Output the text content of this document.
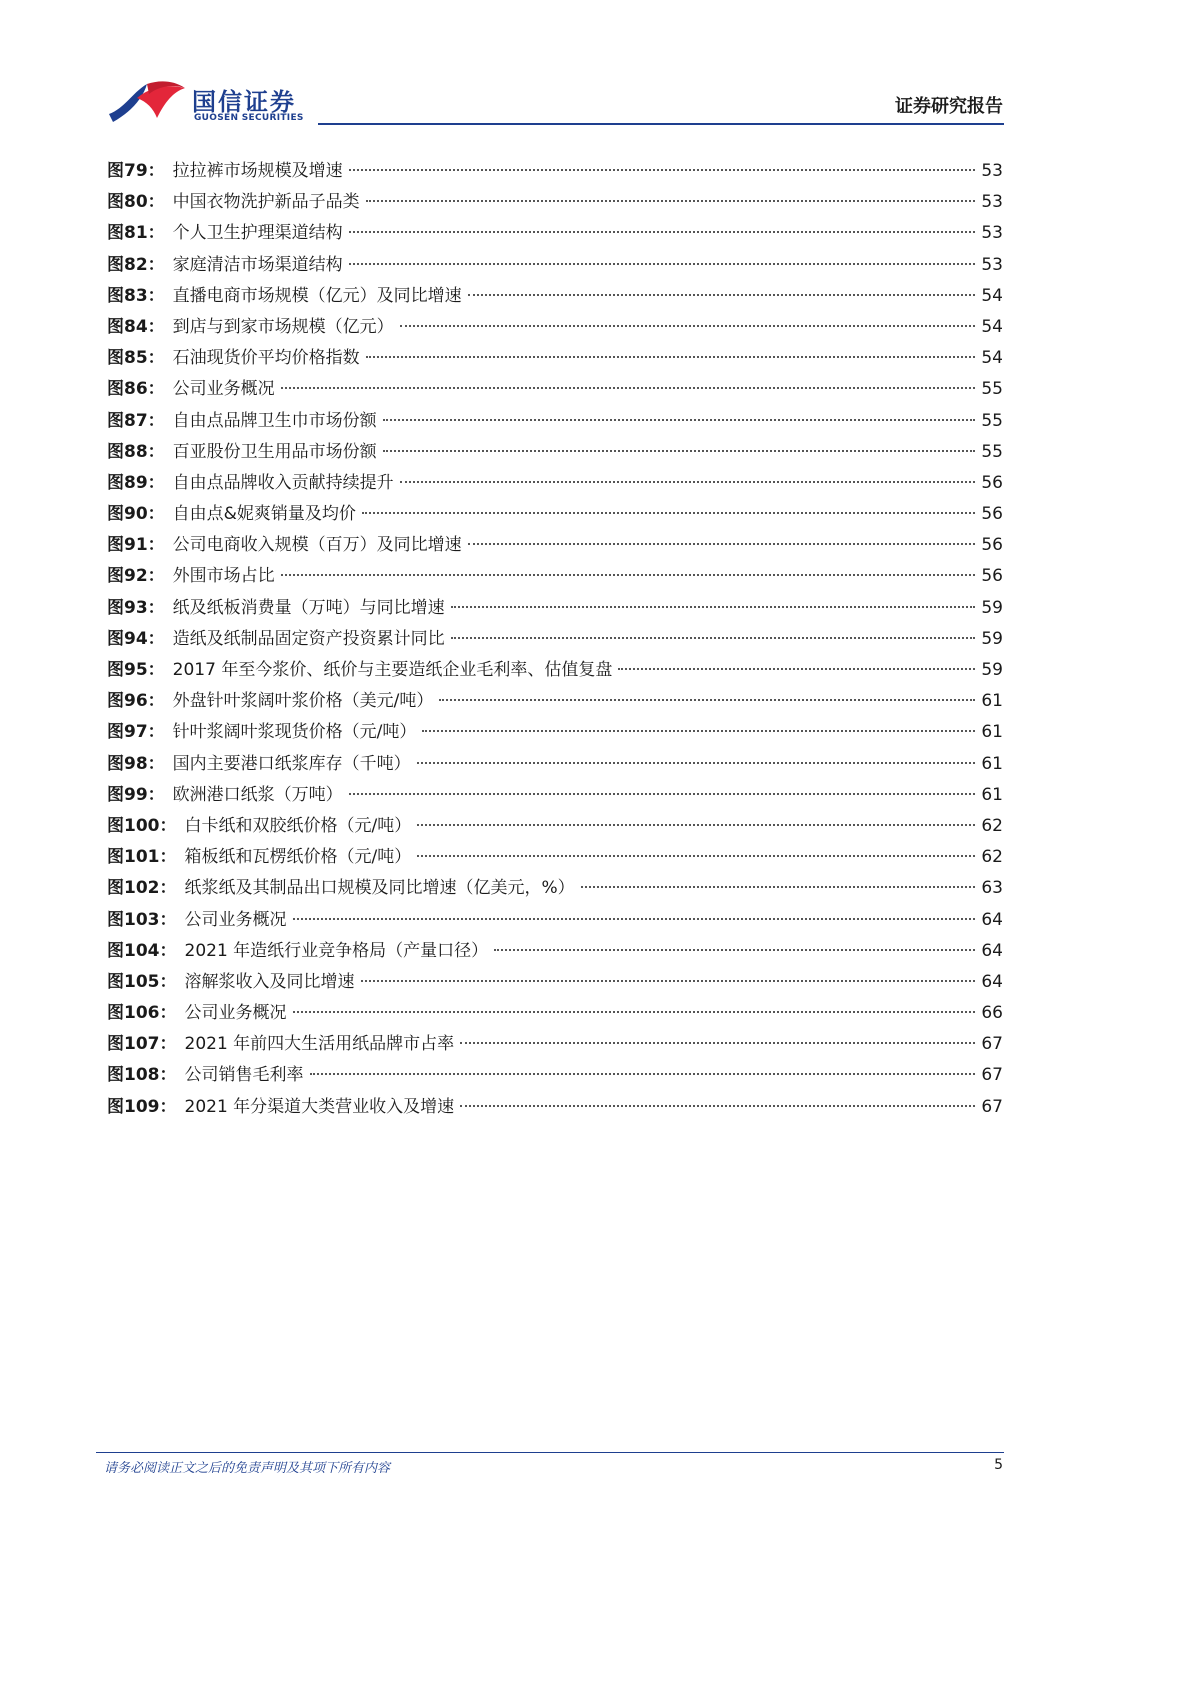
国信证券
GUOSEN SECURITIES
证券研究报告
图79 ： 拉拉裤市场规模及增速	53
图80 ： 中国衣物洗护新品子品类	53
图81 ： 个人卫生护理渠道结构	53
图82 ： 家庭清洁市场渠道结构	53
图83 ： 直播电商市场规模（亿元）及同比增速	54
图84 ： 到店与到家市场规模（亿元）	54
图85 ： 石油现货价平均价格指数	54
图86 ： 公司业务概况	55
图87 ： 自由点品牌卫生巾市场份额	55
图88 ： 百亚股份卫生用品市场份额	55
图89 ： 自由点品牌收入贡献持续提升	56
图90 ： 自由点&妮爽销量及均价	56
图91 ： 公司电商收入规模（百万）及同比增速	56
图92 ： 外围市场占比	56
图93 ： 纸及纸板消费量（万吨）与同比增速	59
图94 ： 造纸及纸制品固定资产投资累计同比	59
图95 ： 2017 年至今浆价、纸价与主要造纸企业毛利率、估值复盘	59
图96 ： 外盘针叶浆阔叶浆价格（美元/吨）	61
图97 ： 针叶浆阔叶浆现货价格（元/吨）	61
图98 ： 国内主要港口纸浆库存（千吨）	61
图99 ： 欧洲港口纸浆（万吨）	61
图100 ： 白卡纸和双胶纸价格（元/吨）	62
图101 ： 箱板纸和瓦楞纸价格（元/吨）	62
图102 ： 纸浆纸及其制品出口规模及同比增速（亿美元，%）	63
图103 ： 公司业务概况	64
图104 ： 2021 年造纸行业竞争格局（产量口径）	64
图105 ： 溶解浆收入及同比增速	64
图106 ： 公司业务概况	66
图107 ： 2021 年前四大生活用纸品牌市占率	67
图108 ： 公司销售毛利率	67
图109 ： 2021 年分渠道大类营业收入及增速	67
请务必阅读正文之后的免责声明及其项下所有内容	5
